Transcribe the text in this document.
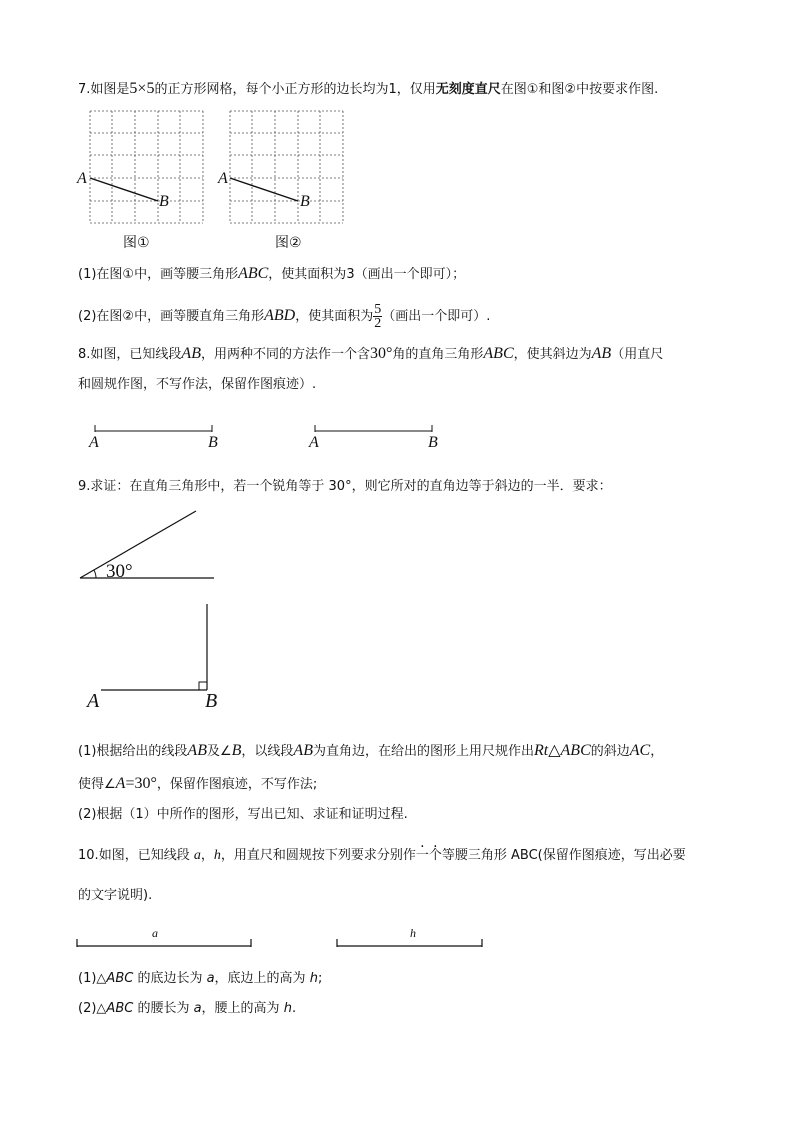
7.如图是5×5的正方形网格，每个小正方形的边长均为1，仅用无刻度直尺在图①和图②中按要求作图.
A
B
图①
A
B
图②
(1)在图①中，画等腰三角形ABC，使其面积为3（画出一个即可）；
(2)在图②中，画等腰直角三角形ABD，使其面积为 $\frac{5}{2}$ （画出一个即可）.
8.如图，已知线段AB，用两种不同的方法作一个含30°角的直角三角形ABC，使其斜边为AB（用直尺
和圆规作图，不写作法，保留作图痕迹）.
A	B	A	B
9.求证：在直角三角形中，若一个锐角等于 30°，则它所对的直角边等于斜边的一半．要求：
30°
A	B
(1)根据给出的线段AB及∠B，以线段AB为直角边，在给出的图形上用尺规作出Rt△ABC的斜边AC，
使得∠A=30°，保留作图痕迹，不写作法;
(2)根据（1）中所作的图形，写出已知、求证和证明过程.
10.如图，已知线段 a，h，用直尺和圆规按下列要求分别作一个等腰三角形 ABC(保留作图痕迹，写出必要
的文字说明).
a	h
(1)△ABC 的底边长为 a，底边上的高为 h;
(2)△ABC 的腰长为 a，腰上的高为 h.
